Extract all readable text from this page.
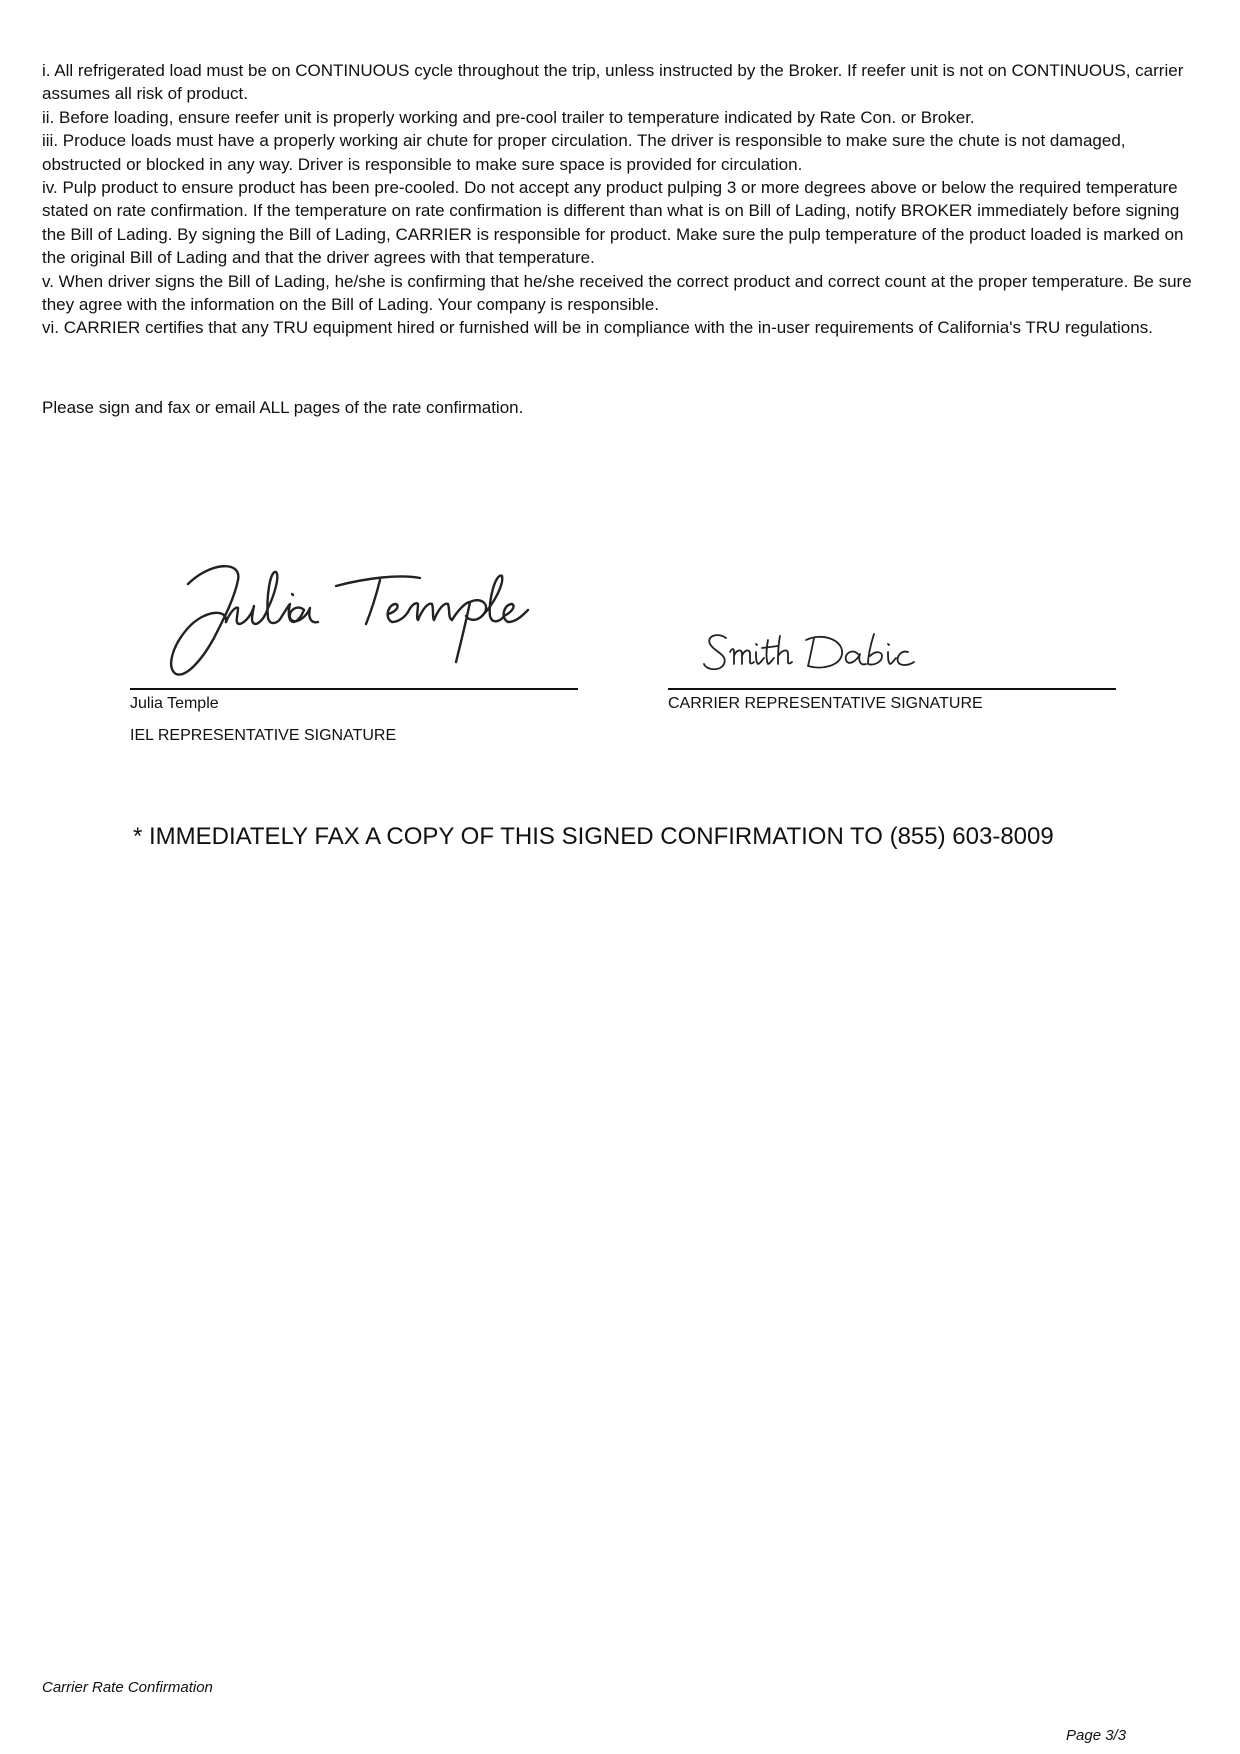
i. All refrigerated load must be on CONTINUOUS cycle throughout the trip, unless instructed by the Broker. If reefer unit is not on CONTINUOUS, carrier assumes all risk of product.

ii. Before loading, ensure reefer unit is properly working and pre-cool trailer to temperature indicated by Rate Con. or Broker.

iii. Produce loads must have a properly working air chute for proper circulation. The driver is responsible to make sure the chute is not damaged, obstructed or blocked in any way. Driver is responsible to make sure space is provided for circulation.

iv. Pulp product to ensure product has been pre-cooled. Do not accept any product pulping 3 or more degrees above or below the required temperature stated on rate confirmation. If the temperature on rate confirmation is different than what is on Bill of Lading, notify BROKER immediately before signing the Bill of Lading. By signing the Bill of Lading, CARRIER is responsible for product. Make sure the pulp temperature of the product loaded is marked on the original Bill of Lading and that the driver agrees with that temperature.

v. When driver signs the Bill of Lading, he/she is confirming that he/she received the correct product and correct count at the proper temperature. Be sure they agree with the information on the Bill of Lading. Your company is responsible.

vi. CARRIER certifies that any TRU equipment hired or furnished will be in compliance with the in-user requirements of California's TRU regulations.

Please sign and fax or email ALL pages of the rate confirmation.

Julia Temple
IEL REPRESENTATIVE SIGNATURE
CARRIER REPRESENTATIVE SIGNATURE

* IMMEDIATELY FAX A COPY OF THIS SIGNED CONFIRMATION TO (855) 603-8009

Carrier Rate Confirmation

Page 3/3
